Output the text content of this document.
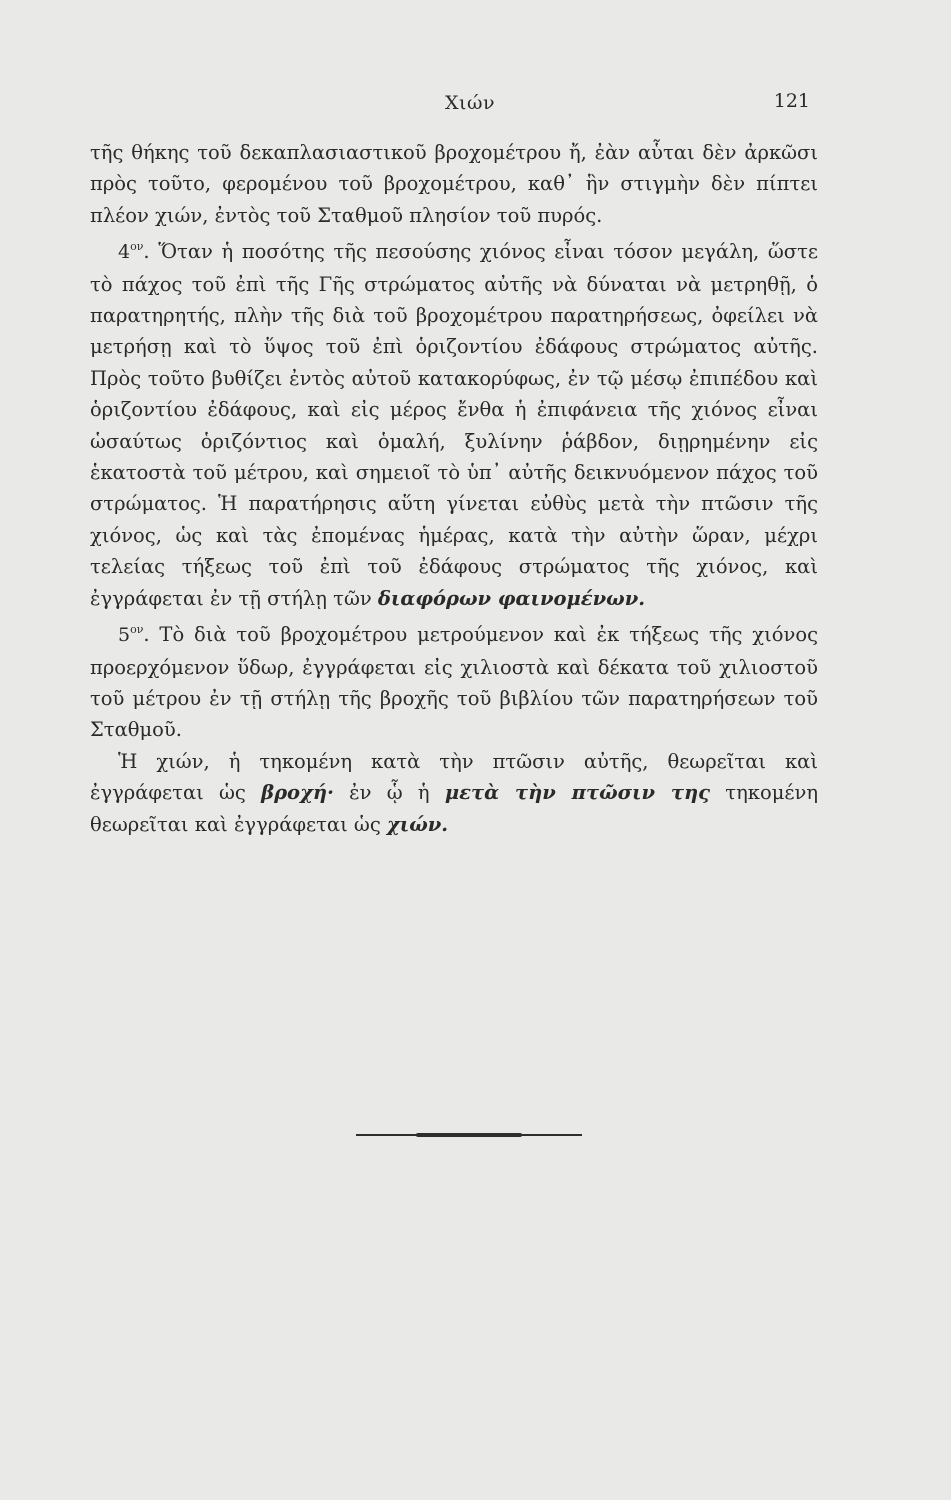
Χιών	121

τῆς θήκης τοῦ δεκαπλασιαστικοῦ βροχομέτρου ἤ, ἐὰν αὗται δὲν ἀρκῶσι πρὸς τοῦτο, φερομένου τοῦ βροχομέτρου, καθ᾽ ἣν στιγμὴν δὲν πίπτει πλέον χιών, ἐντὸς τοῦ Σταθμοῦ πλησίον τοῦ πυρός.

$4^{o\nu}$. Ὅταν ἡ ποσότης τῆς πεσούσης χιόνος εἶναι τόσον μεγάλη, ὥστε τὸ πάχος τοῦ ἐπὶ τῆς Γῆς στρώματος αὐτῆς νὰ δύναται νὰ μετρηθῇ, ὁ παρατηρητής, πλὴν τῆς διὰ τοῦ βροχομέτρου παρατηρήσεως, ὀφείλει νὰ μετρήσῃ καὶ τὸ ὕψος τοῦ ἐπὶ ὁριζοντίου ἐδάφους στρώματος αὐτῆς. Πρὸς τοῦτο βυθίζει ἐντὸς αὐτοῦ κατακορύφως, ἐν τῷ μέσῳ ἐπιπέδου καὶ ὁριζοντίου ἐδάφους, καὶ εἰς μέρος ἔνθα ἡ ἐπιφάνεια τῆς χιόνος εἶναι ὡσαύτως ὁριζόντιος καὶ ὁμαλή, ξυλίνην ῥάβδον, διῃρημένην εἰς ἑκατοστὰ τοῦ μέτρου, καὶ σημειοῖ τὸ ὑπ᾽ αὐτῆς δεικνυόμενον πάχος τοῦ στρώματος. Ἡ παρατήρησις αὕτη γίνεται εὐθὺς μετὰ τὴν πτῶσιν τῆς χιόνος, ὡς καὶ τὰς ἐπομένας ἡμέρας, κατὰ τὴν αὐτὴν ὥραν, μέχρι τελείας τήξεως τοῦ ἐπὶ τοῦ ἐδάφους στρώματος τῆς χιόνος, καὶ ἐγγράφεται ἐν τῇ στήλῃ τῶν διαφόρων φαινομένων.

$5^{o\nu}$. Τὸ διὰ τοῦ βροχομέτρου μετρούμενον καὶ ἐκ τήξεως τῆς χιόνος προερχόμενον ὕδωρ, ἐγγράφεται εἰς χιλιοστὰ καὶ δέκατα τοῦ χιλιοστοῦ τοῦ μέτρου ἐν τῇ στήλῃ τῆς βροχῆς τοῦ βιβλίου τῶν παρατηρήσεων τοῦ Σταθμοῦ.

Ἡ χιών, ἡ τηκομένη κατὰ τὴν πτῶσιν αὐτῆς, θεωρεῖται καὶ ἐγγράφεται ὡς βροχή· ἐν ᾧ ἡ μετὰ τὴν πτῶσιν της τηκομένη θεωρεῖται καὶ ἐγγράφεται ὡς χιών.
